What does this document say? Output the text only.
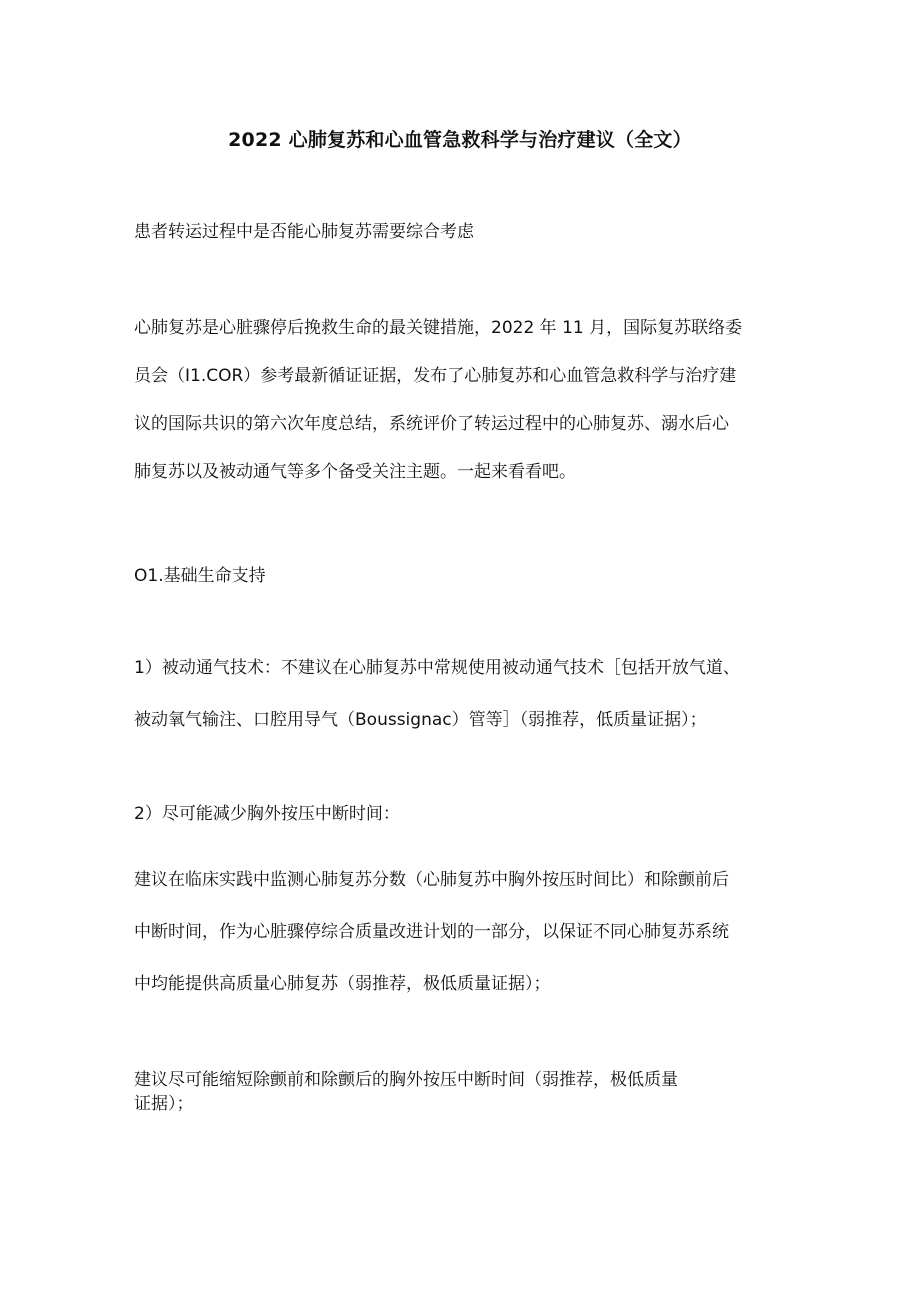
2022 心肺复苏和心血管急救科学与治疗建议（全文）
患者转运过程中是否能心肺复苏需要综合考虑
心肺复苏是心脏骤停后挽救生命的最关键措施，2022 年 11 月，国际复苏联络委
员会（I1.COR）参考最新循证证据，发布了心肺复苏和心血管急救科学与治疗建
议的国际共识的第六次年度总结，系统评价了转运过程中的心肺复苏、溺水后心
肺复苏以及被动通气等多个备受关注主题。一起来看看吧。
O1.基础生命支持
1）被动通气技术：不建议在心肺复苏中常规使用被动通气技术［包括开放气道、
被动氧气输注、口腔用导气（Boussignac）管等］（弱推荐，低质量证据）；
2）尽可能减少胸外按压中断时间：
建议在临床实践中监测心肺复苏分数（心肺复苏中胸外按压时间比）和除颤前后
中断时间，作为心脏骤停综合质量改进计划的一部分，以保证不同心肺复苏系统
中均能提供高质量心肺复苏（弱推荐，极低质量证据）；
建议尽可能缩短除颤前和除颤后的胸外按压中断时间（弱推荐，极低质量
证据）；
